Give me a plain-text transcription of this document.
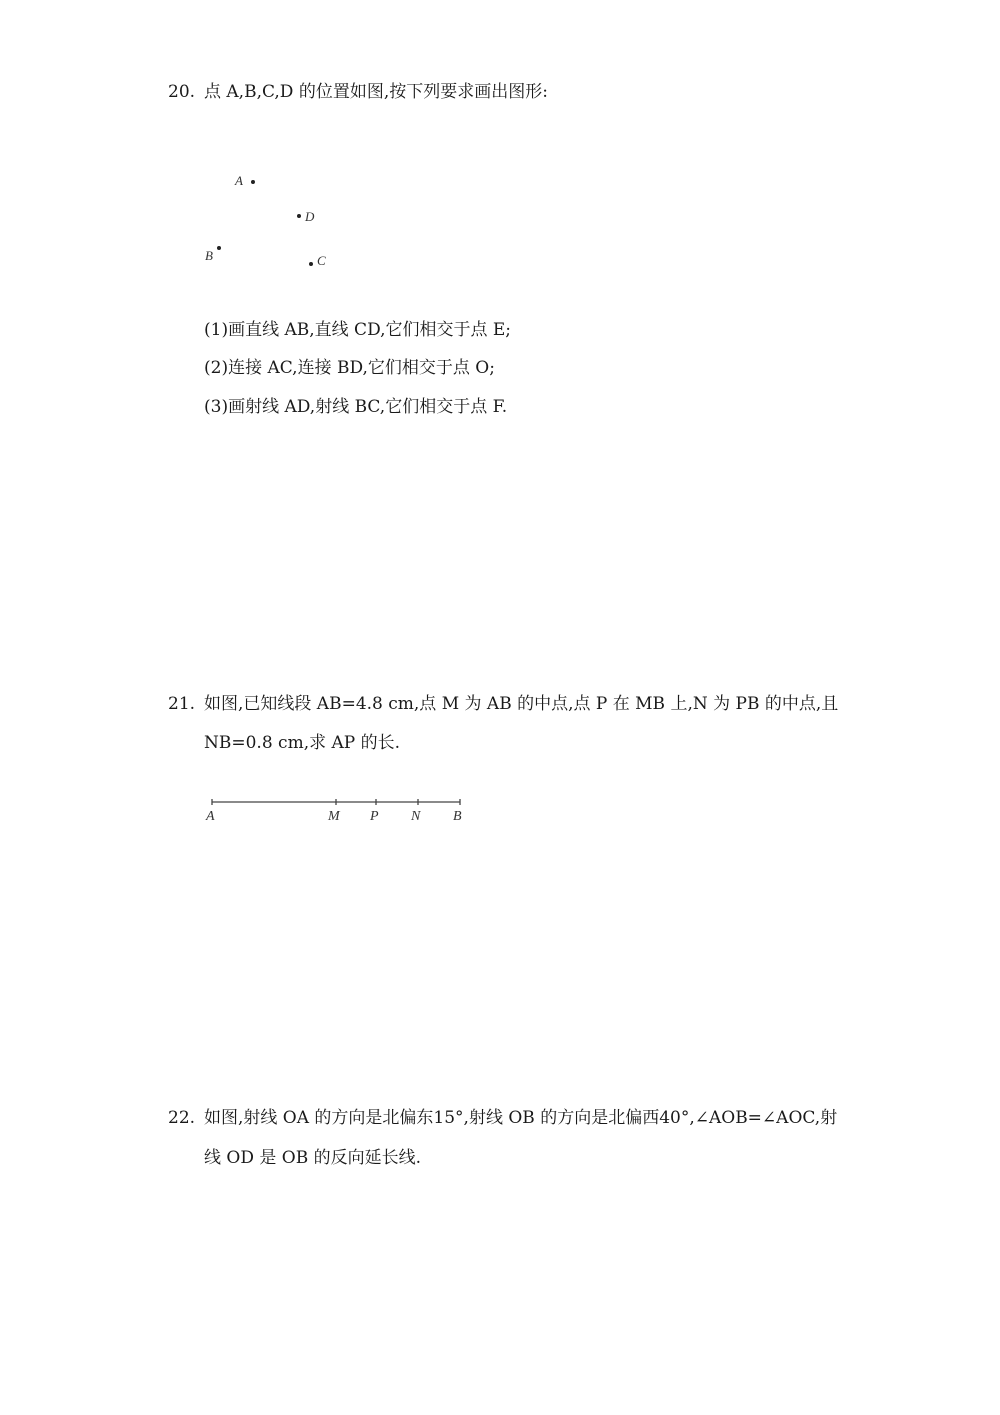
20. 点 A,B,C,D 的位置如图,按下列要求画出图形:
A
D
B	C
(1)画直线 AB,直线 CD,它们相交于点 E;
(2)连接 AC,连接 BD,它们相交于点 O;
(3)画射线 AD,射线 BC,它们相交于点 F.
21. 如图,已知线段 AB=4.8 cm,点 M 为 AB 的中点,点 P 在 MB 上,N 为 PB 的中点,且
NB=0.8 cm,求 AP 的长.
A	M P N B
22. 如图,射线 OA 的方向是北偏东15°,射线 OB 的方向是北偏西40°,∠AOB=∠AOC,射
线 OD 是 OB 的反向延长线.
